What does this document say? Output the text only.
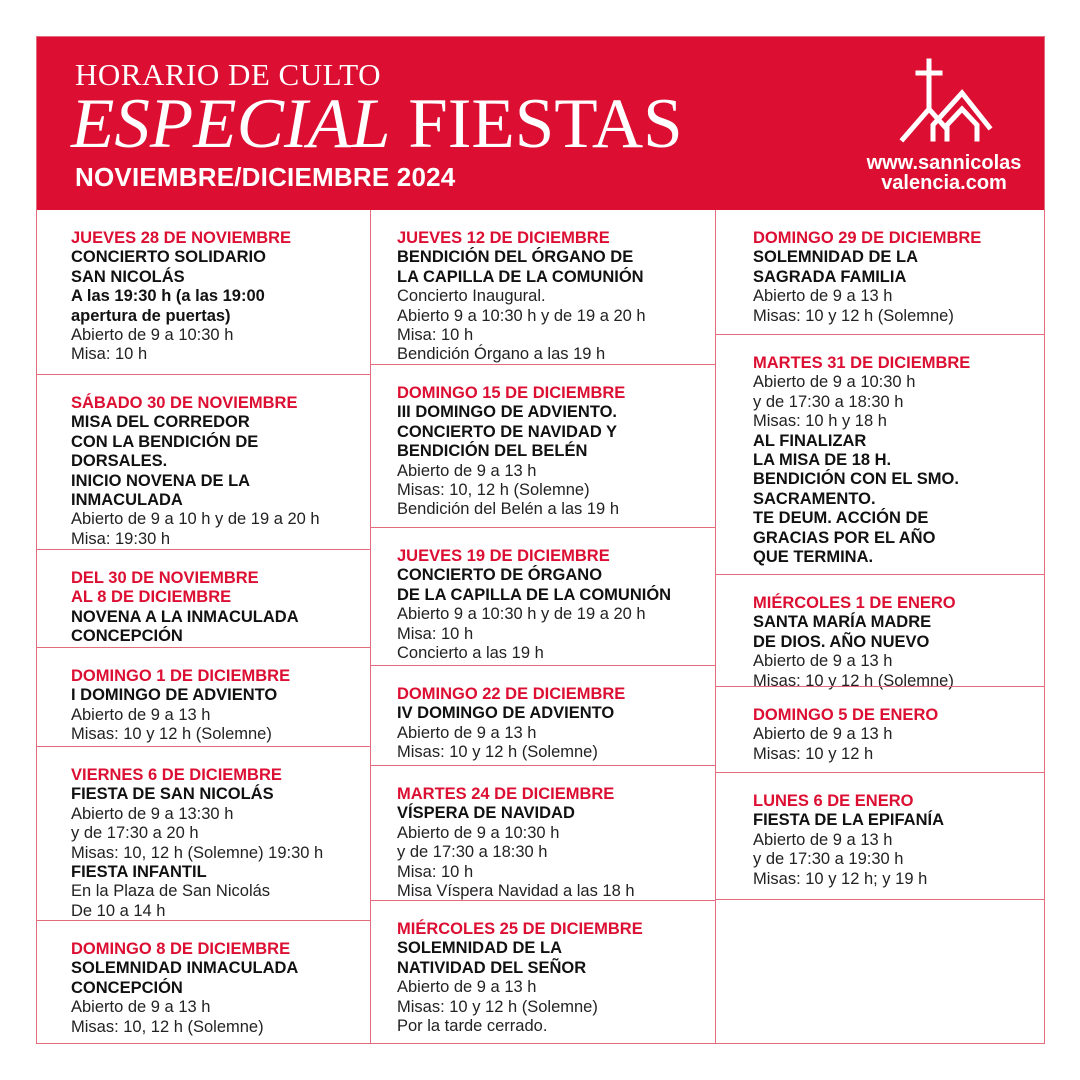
HORARIO DE CULTO
ESPECIAL FIESTAS
NOVIEMBRE/DICIEMBRE 2024	www.sannicolas
valencia.com
JUEVES 28 DE NOVIEMBRE
CONCIERTO SOLIDARIO
SAN NICOLÁS
A las 19:30 h (a las 19:00
apertura de puertas)
Abierto de 9 a 10:30 h
Misa: 10 h
SÁBADO 30 DE NOVIEMBRE
MISA DEL CORREDOR
CON LA BENDICIÓN DE
DORSALES.
INICIO NOVENA DE LA
INMACULADA
Abierto de 9 a 10 h y de 19 a 20 h
Misa: 19:30 h
DEL 30 DE NOVIEMBRE
AL 8 DE DICIEMBRE
NOVENA A LA INMACULADA
CONCEPCIÓN
DOMINGO 1 DE DICIEMBRE
I DOMINGO DE ADVIENTO
Abierto de 9 a 13 h
Misas: 10 y 12 h (Solemne)
VIERNES 6 DE DICIEMBRE
FIESTA DE SAN NICOLÁS
Abierto de 9 a 13:30 h
y de 17:30 a 20 h
Misas: 10, 12 h (Solemne) 19:30 h
FIESTA INFANTIL
En la Plaza de San Nicolás
De 10 a 14 h
DOMINGO 8 DE DICIEMBRE
SOLEMNIDAD INMACULADA
CONCEPCIÓN
Abierto de 9 a 13 h
Misas: 10, 12 h (Solemne)
JUEVES 12 DE DICIEMBRE
BENDICIÓN DEL ÓRGANO DE
LA CAPILLA DE LA COMUNIÓN
Concierto Inaugural.
Abierto 9 a 10:30 h y de 19 a 20 h
Misa: 10 h
Bendición Órgano a las 19 h
DOMINGO 15 DE DICIEMBRE
III DOMINGO DE ADVIENTO.
CONCIERTO DE NAVIDAD Y
BENDICIÓN DEL BELÉN
Abierto de 9 a 13 h
Misas: 10, 12 h (Solemne)
Bendición del Belén a las 19 h
JUEVES 19 DE DICIEMBRE
CONCIERTO DE ÓRGANO
DE LA CAPILLA DE LA COMUNIÓN
Abierto 9 a 10:30 h y de 19 a 20 h
Misa: 10 h
Concierto a las 19 h
DOMINGO 22 DE DICIEMBRE
IV DOMINGO DE ADVIENTO
Abierto de 9 a 13 h
Misas: 10 y 12 h (Solemne)
MARTES 24 DE DICIEMBRE
VÍSPERA DE NAVIDAD
Abierto de 9 a 10:30 h
y de 17:30 a 18:30 h
Misa: 10 h
Misa Víspera Navidad a las 18 h
MIÉRCOLES 25 DE DICIEMBRE
SOLEMNIDAD DE LA
NATIVIDAD DEL SEÑOR
Abierto de 9 a 13 h
Misas: 10 y 12 h (Solemne)
Por la tarde cerrado.
DOMINGO 29 DE DICIEMBRE
SOLEMNIDAD DE LA
SAGRADA FAMILIA
Abierto de 9 a 13 h
Misas: 10 y 12 h (Solemne)
MARTES 31 DE DICIEMBRE
Abierto de 9 a 10:30 h
y de 17:30 a 18:30 h
Misas: 10 h y 18 h
AL FINALIZAR
LA MISA DE 18 H.
BENDICIÓN CON EL SMO.
SACRAMENTO.
TE DEUM. ACCIÓN DE
GRACIAS POR EL AÑO
QUE TERMINA.
MIÉRCOLES 1 DE ENERO
SANTA MARÍA MADRE
DE DIOS. AÑO NUEVO
Abierto de 9 a 13 h
Misas: 10 y 12 h (Solemne)
DOMINGO 5 DE ENERO
Abierto de 9 a 13 h
Misas: 10 y 12 h
LUNES 6 DE ENERO
FIESTA DE LA EPIFANÍA
Abierto de 9 a 13 h
y de 17:30 a 19:30 h
Misas: 10 y 12 h; y 19 h
